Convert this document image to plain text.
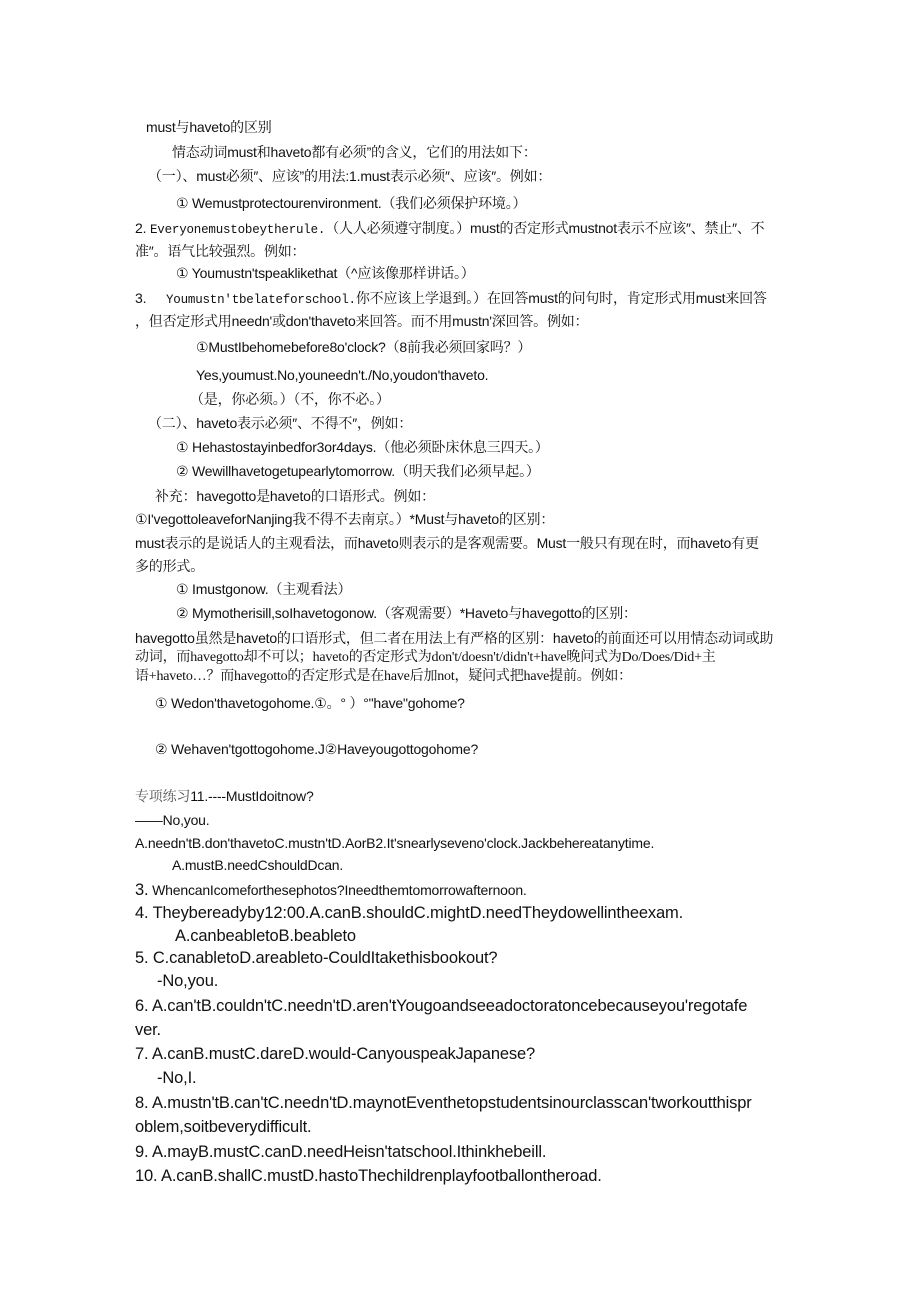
must与haveto的区别
情态动词must和haveto都有必须”的含义，它们的用法如下：
（一）、must必须″、应该”的用法:1.must表示必须″、应该″。例如：
① Wemustprotectourenvironment.（我们必须保护环境。）
2. Everyonemustobeytherule.（人人必须遵守制度。）must的否定形式mustnot表示不应该″、禁止″、不
准″。语气比较强烈。例如：
① Youmustn'tspeaklikethat（^应该像那样讲话。）
3. Youmustn'tbelateforschool.你不应该上学退到。）在回答must的问句时，肯定形式用must来回答
，但否定形式用needn'或don'thaveto来回答。而不用mustn'深回答。例如：
①MustIbehomebefore8o'clock?（8前我必须回家吗？）
Yes,youmust.No,youneedn't./No,youdon'thaveto.
（是，你必须。）（不，你不必。）
（二）、haveto表示必须″、不得不″，例如：
① Hehastostayinbedfor3or4days.（他必须卧床休息三四天。）
② Wewillhavetogetupearlytomorrow.（明天我们必须早起。）
补充：havegotto是haveto的口语形式。例如：
①I'vegottoleaveforNanjing我不得不去南京。）*Must与haveto的区别：
must表示的是说话人的主观看法，而haveto则表示的是客观需要。Must一般只有现在时，而haveto有更
多的形式。
① Imustgonow.（主观看法）
② Mymotherisill,soIhavetogonow.（客观需要）*Haveto与havegotto的区别：
havegotto虽然是haveto的口语形式，但二者在用法上有严格的区别：haveto的前面还可以用情态动词或助
动词，而havegotto却不可以；haveto的否定形式为don't/doesn't/didn't+have晚问式为Do/Does/Did+主
语+haveto…？而havegotto的否定形式是在have后加not，疑问式把have提前。例如：
① Wedon'thavetogohome.①。° ）°"have"gohome?
② Wehaven'tgottogohome.J②Haveyougottogohome?
专项练习11.----MustIdoitnow?
——No,you.
A.needn'tB.don'thavetoC.mustn'tD.AorB2.It'snearlyseveno'clock.Jackbehereatanytime.
A.mustB.needCshouldDcan.
3. WhencanIcomeforthesephotos?Ineedthemtomorrowafternoon.
4. Theybereadyby12:00.A.canB.shouldC.mightD.needTheydowellintheexam.
A.canbeabletoB.beableto
5. C.canabletoD.areableto-CouldItakethisbookout?
-No,you.
6. A.can'tB.couldn'tC.needn'tD.aren'tYougoandseeadoctoratoncebecauseyou'regotafe
ver.
7. A.canB.mustC.dareD.would-CanyouspeakJapanese?
-No,I.
8. A.mustn'tB.can'tC.needn'tD.maynotEventhetopstudentsinourclasscan'tworkoutthispr
oblem,soitbeverydifficult.
9. A.mayB.mustC.canD.needHeisn'tatschool.Ithinkhebeill.
10. A.canB.shallC.mustD.hastoThechildrenplayfootballontheroad.
